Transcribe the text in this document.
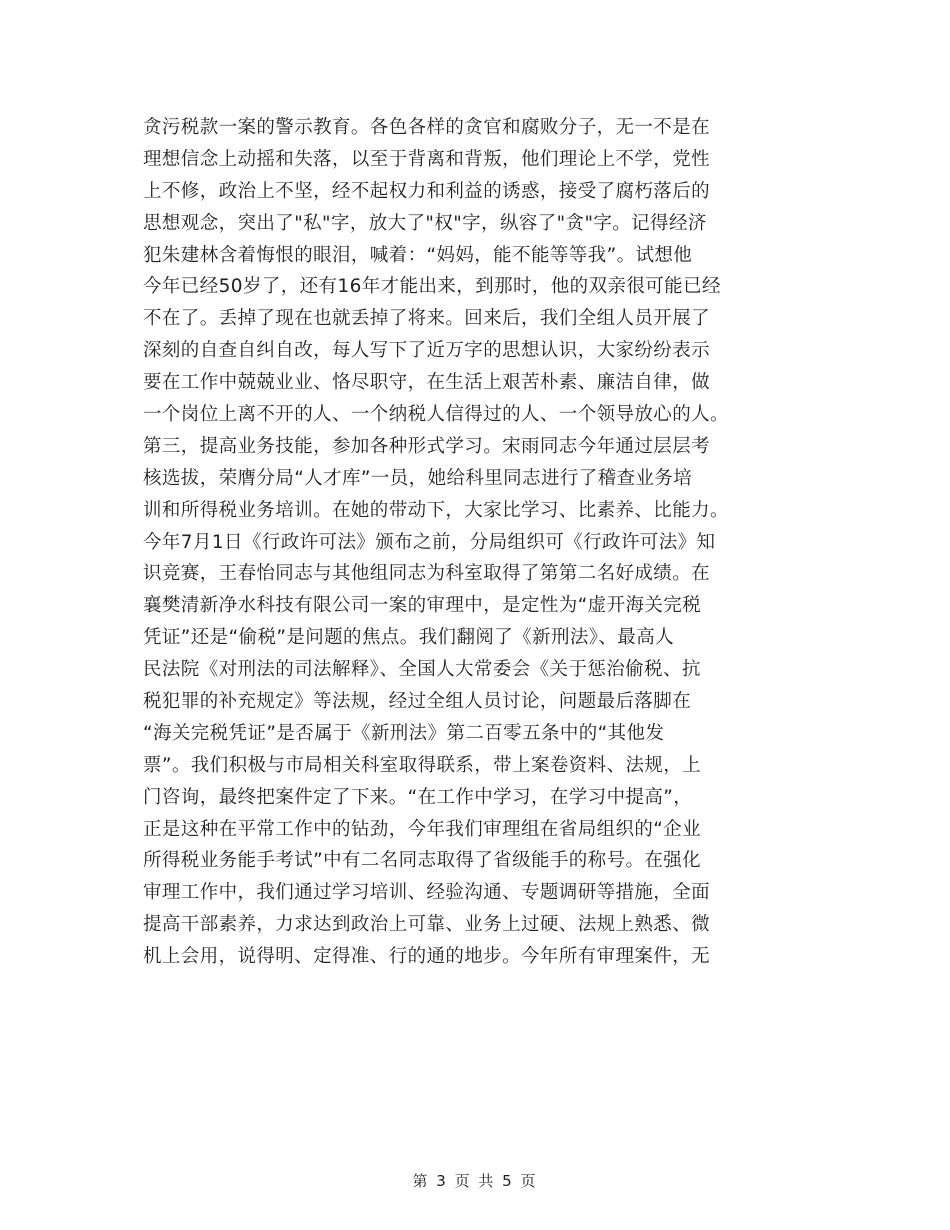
贪污税款一案的警示教育。各色各样的贪官和腐败分子，无一不是在
理想信念上动摇和失落，以至于背离和背叛，他们理论上不学，党性
上不修，政治上不坚，经不起权力和利益的诱惑，接受了腐朽落后的
思想观念，突出了"私"字，放大了"权"字，纵容了"贪"字。记得经济
犯朱建林含着悔恨的眼泪，喊着：“妈妈，能不能等等我”。试想他
今年已经50岁了，还有16年才能出来，到那时，他的双亲很可能已经
不在了。丢掉了现在也就丢掉了将来。回来后，我们全组人员开展了
深刻的自查自纠自改，每人写下了近万字的思想认识，大家纷纷表示
要在工作中兢兢业业、恪尽职守，在生活上艰苦朴素、廉洁自律，做
一个岗位上离不开的人、一个纳税人信得过的人、一个领导放心的人。
第三，提高业务技能，参加各种形式学习。宋雨同志今年通过层层考
核选拔，荣膺分局“人才库”一员，她给科里同志进行了稽查业务培
训和所得税业务培训。在她的带动下，大家比学习、比素养、比能力。
今年7月1日《行政许可法》颁布之前，分局组织可《行政许可法》知
识竞赛，王春怡同志与其他组同志为科室取得了第第二名好成绩。在
襄樊清新净水科技有限公司一案的审理中，是定性为“虚开海关完税
凭证”还是“偷税”是问题的焦点。我们翻阅了《新刑法》、最高人
民法院《对刑法的司法解释》、全国人大常委会《关于惩治偷税、抗
税犯罪的补充规定》等法规，经过全组人员讨论，问题最后落脚在
“海关完税凭证”是否属于《新刑法》第二百零五条中的“其他发
票”。我们积极与市局相关科室取得联系，带上案卷资料、法规，上
门咨询，最终把案件定了下来。“在工作中学习，在学习中提高”，
正是这种在平常工作中的钻劲，今年我们审理组在省局组织的“企业
所得税业务能手考试”中有二名同志取得了省级能手的称号。在强化
审理工作中，我们通过学习培训、经验沟通、专题调研等措施，全面
提高干部素养，力求达到政治上可靠、业务上过硬、法规上熟悉、微
机上会用，说得明、定得准、行的通的地步。今年所有审理案件，无
第 3 页 共 5 页
